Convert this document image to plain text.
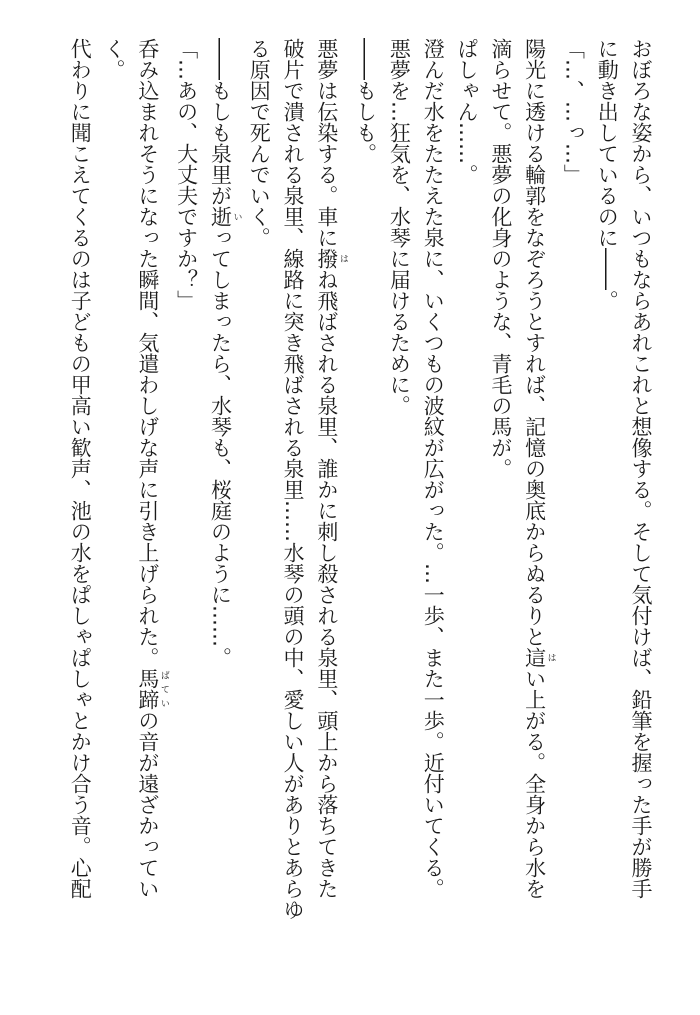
おぼろな姿から、いつもならあれこれと想像する。そして気付けば、鉛筆を握った手が勝手
に動き出しているのに――。
「…、…っ…」
陽光に透ける輪郭をなぞろうとすれば、記憶の奥底からぬるりと這 はい上がる。全身から水を
滴らせて。悪夢の化身のような、青毛の馬が。
ぱしゃん……。
澄んだ水をたたえた泉に、いくつもの波紋が広がった。…一歩、また一歩。近付いてくる。
悪夢を…狂気を、水琴に届けるために。
――もしも。
悪夢は伝染する。車に撥 はね飛ばされる泉里、誰かに刺し殺される泉里、頭上から落ちてきた
破片で潰される泉里、線路に突き飛ばされる泉里……水琴の頭の中、愛しい人がありとあらゆ
る原因で死んでいく。
――もしも泉里が逝 いってしまったら、水琴も、桜庭のように……。
「…あの、大丈夫ですか？」
呑み込まれそうになった瞬間、気遣わしげな声に引き上げられた。馬蹄 ばていの音が遠ざかってい
く。
代わりに聞こえてくるのは子どもの甲高い歓声、池の水をぱしゃぱしゃとかけ合う音。心配
